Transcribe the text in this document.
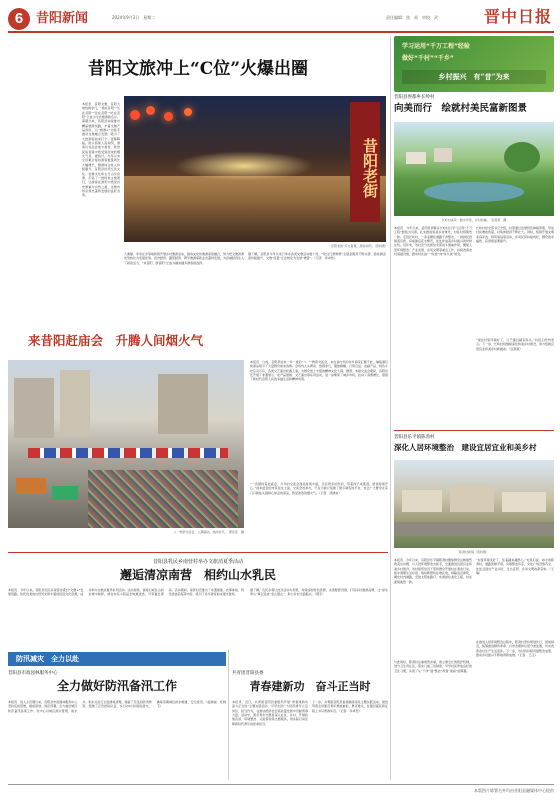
6 昔阳新闻	2024年9月3日　星期二	责任编辑：焦　英　审校：武	晋中日报
昔阳文旅冲上“C位”火爆出圈
本报讯　昔阳文旅，昔阳大地热闹非凡，“游在昔阳”“乐在昔阳”“住在昔阳”“吃在昔阳”已成为全县旅游新名片。暑期以来，昔阳县持续推出精品旅游线路，丰富文旅产品供给，以“旅游+”为抓手推动文旅融合发展，吸引了大批游客前来打卡。夜幕降临，街头巷尾人流如织，游客们在品尝地方美食、欣赏民俗表演中感受到浓浓的烟火气息。据统计，今年以来全县累计接待游客数量同比大幅增长，旅游综合收入持续攀升。昔阳县依托红色文化、农耕文化和太行山水资源，打造了一批特色文旅项目，让游客在游览中感受历史厚重与自然之美，文旅市场呈现出蓬勃发展的良好态势。	昔阳老街
“昔阳老街”灯火璀璨，游客如织。（资料图）
大寨镇、李家庄乡等地积极开展乡村旅游活动，推动文化和旅游深度融合，努力把文旅资源优势转化为发展优势。夜市经济、露营经济、研学旅游等新业态蓬勃发展，为县域经济注入了新的活力，“来昔阳、游昔阳”正成为越来越多游客的选择。
据了解，昔阳县今年以来已举办各类文旅活动数十场，“吃住行游购娱”全链条服务不断完善，游客满意度持续提升，文旅“流量”正在转化为发展“增量”。（记者　李卓然）
来昔阳赶庙会　升腾人间烟火气
八一物资交流会，人潮涌动，热闹非凡。　郭佳佳　摄
本报讯　日前，昔阳县迎来一年一度的“八·一”物资交流会，来自省内外的众多商家汇聚于此，琳琅满目的商品吸引了大量群众前来选购。会场内人头攒动、热闹非凡，服装鞋帽、日用百货、农副产品、特色小吃应有尽有，各类文艺演出轮番上演，为群众送上丰富的精神文化大餐。据悉，本届交流会期间，昔阳县还开展了非遗展示、农产品展销、文艺演出等系列活动，进一步繁荣了城乡市场，拉动了消费增长，展现了新时代昔阳人民的幸福生活和精神风貌。
“一直期待着赶庙会，今年的交流会商品特别丰富，还有很多好吃的，带着孩子来逛逛，感觉特别开心。”前来赶会的市民张女士说。交流会的举办，不仅为商户搭建了展示销售的平台，也让广大群众在家门口就能买到称心如意的商品，感受浓浓的烟火气。（记者　段晓东）
昔阳县乳民乡南营村举办文旅消夏季活动
邂逅清凉南营　相约山水乳民
本报讯　今年以来，昔阳县乳民乡南营村紧扣“文旅+”发展思路，依托优美的自然风光和丰富的民俗文化资源，成功举办文旅消夏季系列活动。活动现场，游客们或在山间步道中徜徉，或在农家小院品尝地道美食，尽享夏日清凉。活动期间，南营村还推出了非遗展演、农事体验、特色美食品鉴等内容，吸引了众多游客前来观光游玩。
据了解，乳民乡将以此次活动为契机，持续深挖特色资源，完善配套设施，打造乡村旅游品牌，让“绿水青山”真正变成“金山银山”，助力乡村全面振兴。（郭宇）
防汛减灾　全力以赴
昔阳县市政园林服务中心
全力做好防汛备汛工作
本报讯　进入主汛期以来，昔阳县市政园林服务中心坚持底线思维，提前谋划、周密部署，全力做好城区防汛备汛各项工作。该中心对城区排水管网、雨水井、积水点进行全面排查清理，储备了充足的防汛物资，组建了应急抢险队伍，实行24小时值班值守，确保汛期城区排水畅通、安全度汛。（赵晓丽　杜晓飞）
共青团昔阳县委
青春建新功　奋斗正当时
本报讯　近日，共青团昔阳县委组织开展“青春建新功　奋斗正当时”主题实践活动，引导全县广大团员青年立足岗位、担当作为，在推动经济社会高质量发展中贡献青春力量。活动中，团员青年志愿者深入社区、乡村，开展政策宣讲、环境整治、关爱帮扶等志愿服务，用实际行动诠释新时代青年的使命担当。
下一步，共青团昔阳县委将继续深化主题实践活动，团结带领全县团员青年勇挑重担、勇克难关，在强县富民新征程上书写青春华章。（记者　李卓然）
学习运用“千万工程”经验
做好“千村”“千乡”
乡村振兴　有“昔”为来
昔阳县界都乡长岭村
向美而行　绘就村美民富新图景
长岭村美景：碧水环绕，乡村如画。　张燕燕　摄
本报讯　今年以来，昔阳县界都乡长岭村以学习运用“千万工程”经验为引领，扎实推进和美乡村建设，村容村貌焕然一新。走进长岭村，一条条硬化道路干净整洁，一排排民居错落有致，房前屋后花木繁茂，处处洋溢着乡村振兴的勃勃生机。近年来，该村充分发挥党支部战斗堡垒作用，聚焦人居环境整治、产业发展、乡风文明等重点工作，持续改善农村基础设施，推动村庄由“一时美”向“持久美”转变。
长岭村党支部书记介绍，村里通过发展特色种植养殖，带动村民增收致富，村集体经济不断壮大。同时，积极开展文明家庭评选、移风易俗等活动，乡风民风持续向好，群众的幸福感、获得感显著提升。
“现在村里环境好了，日子越过越有奔头。”村民们纷纷表示。下一步，长岭村将继续深化和美乡村建设，努力绘就宜居宜业和美乡村新画卷。（张燕燕）
昔阳县乐平镇陈湾村
深化人居环境整治　建设宜居宜业和美乡村
陈湾村新貌（资料图）
本报讯　今年以来，昔阳县乐平镇陈湾村聚焦群众反映强烈的突出问题，以人居环境整治为抓手，全面推进宜居宜业和美乡村建设。该村组织党员干部和群众开展村庄清洁行动，集中清理生活垃圾、残垣断壁和乱堆乱放，拆除违章建筑，硬化村内道路，安装太阳能路灯，实施绿化美化工程，村庄面貌焕然一新。
与此同时，陈湾村注重建管并重，建立健全长效管护机制，划分卫生责任区，落实门前三包制度，引导村民养成良好的卫生习惯，实现了从“干净”到“整洁”再到“美丽”的跨越。
“村里环境变好了，住着越来越舒心。”村民们说。如今的陈湾村，道路宽敞平坦，房屋整洁有序，文化广场设施齐全，处处呈现出产业兴旺、生态宜居、乡风文明的新景象。（王瑞）
在推进人居环境整治过程中，陈湾村坚持规划先行，因地制宜，统筹推进厕所革命、污水治理和垃圾分类处理，切实改善农村生产生活条件。下一步，该村将持续巩固整治成果，推动乡村振兴不断取得新成效。（记者　王江）
本版图片除署名外均由昔阳县融媒体中心提供
